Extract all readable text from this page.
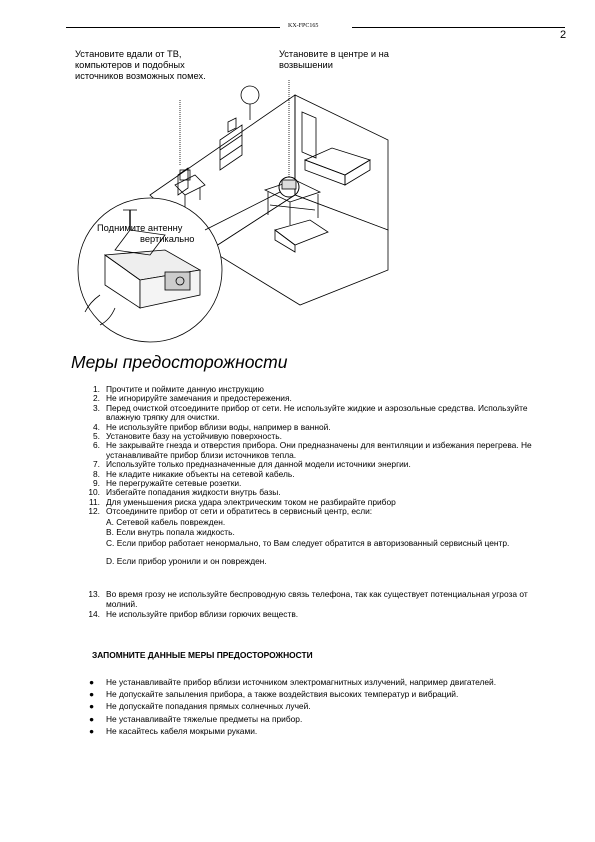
KX-FPC165
2
Установите вдали от ТВ,
компьютеров и подобных
источников возможных помех.
Установите в центре и на
возвышении
Поднимите антенну
вертикально
Меры предосторожности
1. Прочтите и поймите данную инструкцию
2. Не игнорируйте замечания и предостережения.
3. Перед очисткой отсоедините прибор от сети. Не используйте жидкие и аэрозольные средства. Используйте
влажную тряпку для очистки.
4. Не используйте прибор вблизи воды, например в ванной.
5. Установите базу на устойчивую поверхность.
6. Не закрывайте гнезда и отверстия прибора. Они предназначены для вентиляции и избежания перегрева. Не
устанавливайте прибор близи источников тепла.
7. Используйте только предназначенные для данной модели источники энергии.
8. Не кладите никакие объекты на сетевой кабель.
9. Не перегружайте сетевые розетки.
10. Избегайте попадания жидкости внутрь базы.
11. Для уменьшения риска удара электрическим током не разбирайте прибор
12. Отсоедините прибор от сети и обратитесь в сервисный центр, если:
A. Сетевой кабель поврежден.
B. Если внутрь попала жидкость.
C. Если прибор работает ненормально, то Вам следует обратится в авторизованный сервисный центр.
D. Если прибор уронили и он поврежден.
13. Во время грозу не используйте беспроводную связь телефона, так как существует потенциальная угроза от
молний.
14. Не используйте прибор вблизи горючих веществ.
ЗАПОМНИТЕ ДАННЫЕ МЕРЫ ПРЕДОСТОРОЖНОСТИ
● Не устанавливайте прибор вблизи источником электромагнитных излучений, например двигателей.
● Не допускайте запыления прибора, а также воздействия высоких температур и вибраций.
● Не допускайте попадания прямых солнечных лучей.
● Не устанавливайте тяжелые предметы на прибор.
● Не касайтесь кабеля мокрыми руками.
